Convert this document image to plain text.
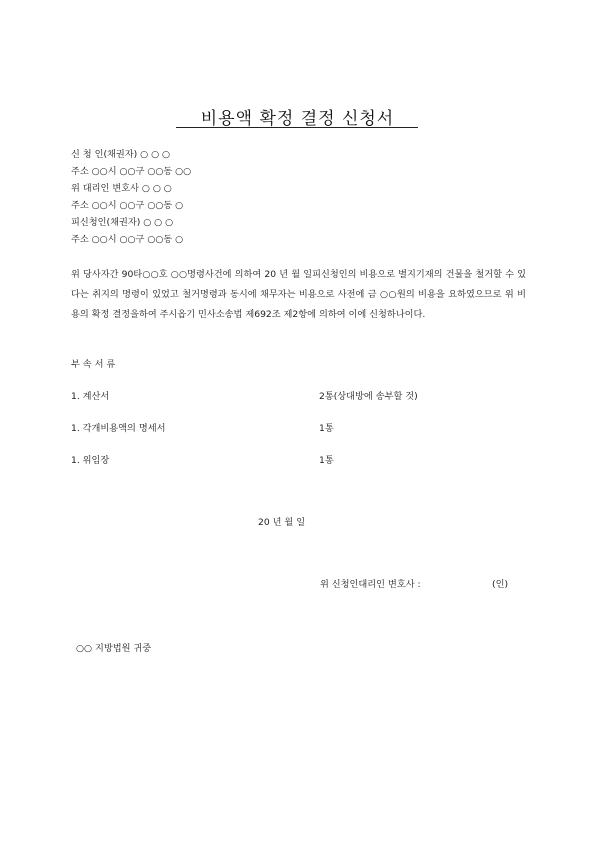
비용액 확정 결정 신청서
신 청 인(채권자) ○ ○ ○
주소 ○○시 ○○구 ○○동 ○○
위 대리인 변호사 ○ ○ ○
주소 ○○시 ○○구 ○○동 ○
피신청인(채권자) ○ ○ ○
주소 ○○시 ○○구 ○○동 ○
위 당사자간 90타○○호 ○○명령사건에 의하여 20 년 월 일피신청인의 비용으로 별지기재의 건물을 철거할 수 있다는 취지의 명령이 있었고 철거명령과 동시에 채무자는 비용으로 사전에 금 ○○원의 비용을 요하였으므로 위 비용의 확정 결정을하여 주시옵기 민사소송법 제692조 제2항에 의하여 이에 신청하나이다.
부 속 서 류
1. 계산서	2통(상대방에 송부할 것)
1. 각개비용액의 명세서	1통
1. 위임장	1통
20 년 월 일
위 신청인대리인 변호사 :	(인)
○○ 지방법원 귀중
